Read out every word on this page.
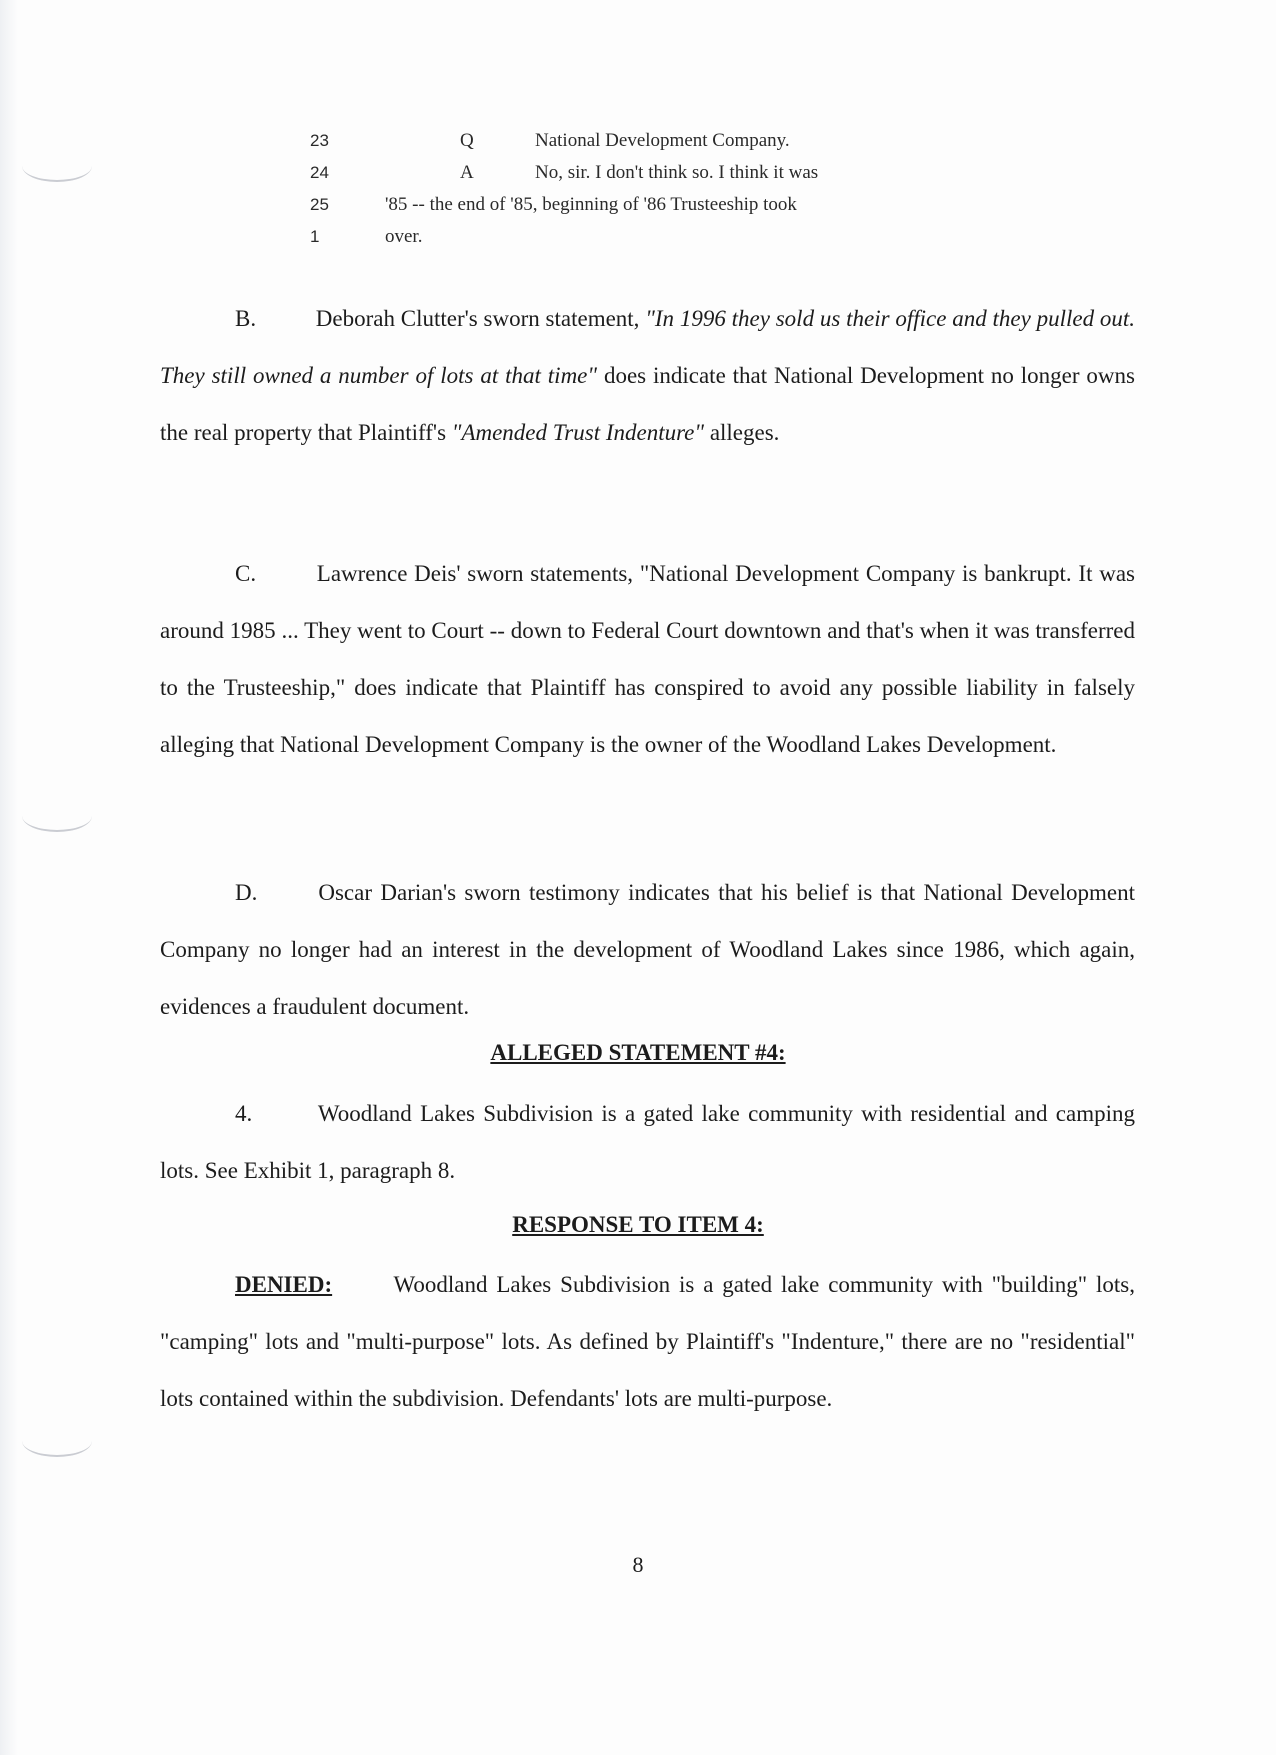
23	Q	National Development Company.
24	A	No, sir. I don't think so. I think it was
25	'85 -- the end of '85, beginning of '86 Trusteeship took
1	over.
B.	Deborah Clutter's sworn statement, "In 1996 they sold us their office and they pulled out. They still owned a number of lots at that time" does indicate that National Development no longer owns the real property that Plaintiff's "Amended Trust Indenture" alleges.
C.	Lawrence Deis' sworn statements, "National Development Company is bankrupt. It was around 1985 ... They went to Court -- down to Federal Court downtown and that's when it was transferred to the Trusteeship," does indicate that Plaintiff has conspired to avoid any possible liability in falsely alleging that National Development Company is the owner of the Woodland Lakes Development.
D.	Oscar Darian's sworn testimony indicates that his belief is that National Development Company no longer had an interest in the development of Woodland Lakes since 1986, which again, evidences a fraudulent document.
ALLEGED STATEMENT #4:
4.	Woodland Lakes Subdivision is a gated lake community with residential and camping lots. See Exhibit 1, paragraph 8.
RESPONSE TO ITEM 4:
DENIED:	Woodland Lakes Subdivision is a gated lake community with "building" lots, "camping" lots and "multi-purpose" lots. As defined by Plaintiff's "Indenture," there are no "residential" lots contained within the subdivision. Defendants' lots are multi-purpose.
8
